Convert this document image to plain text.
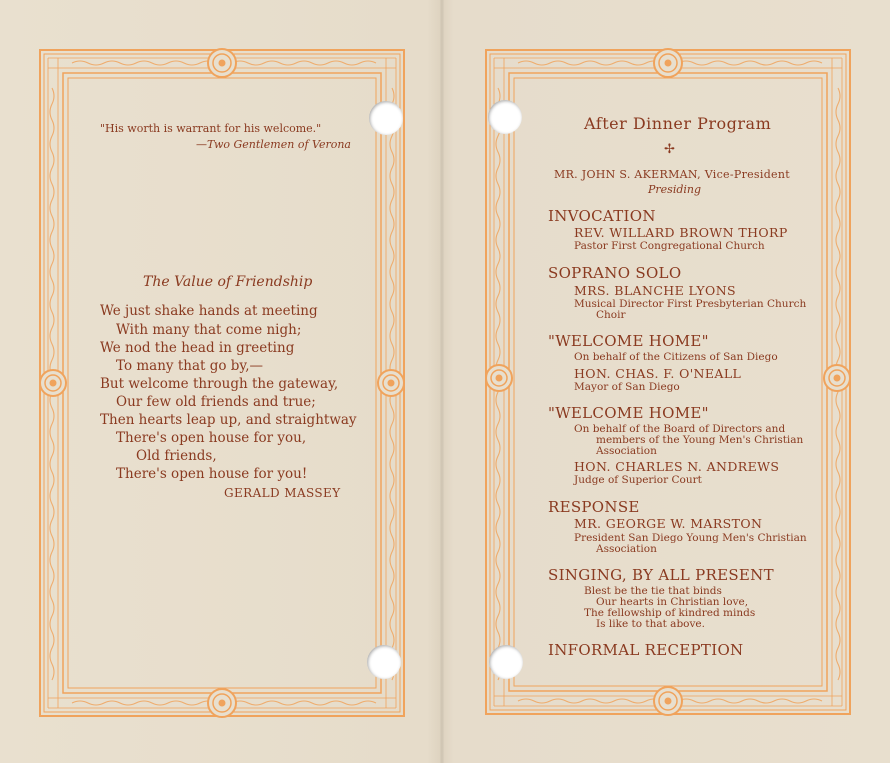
"His worth is warrant for his welcome."
—Two Gentlemen of Verona
The Value of Friendship
We just shake hands at meeting
With many that come nigh;
We nod the head in greeting
To many that go by,—
But welcome through the gateway,
Our few old friends and true;
Then hearts leap up, and straightway
There's open house for you,
Old friends,
There's open house for you!
GERALD MASSEY
After Dinner Program
✢
MR. JOHN S. AKERMAN, Vice-President
Presiding
INVOCATION
REV. WILLARD BROWN THORP
Pastor First Congregational Church
SOPRANO SOLO
MRS. BLANCHE LYONS
Musical Director First Presbyterian Church
Choir
"WELCOME HOME"
On behalf of the Citizens of San Diego
HON. CHAS. F. O'NEALL
Mayor of San Diego
"WELCOME HOME"
On behalf of the Board of Directors and
members of the Young Men's Christian
Association
HON. CHARLES N. ANDREWS
Judge of Superior Court
RESPONSE
MR. GEORGE W. MARSTON
President San Diego Young Men's Christian
Association
SINGING, BY ALL PRESENT
Blest be the tie that binds
Our hearts in Christian love,
The fellowship of kindred minds
Is like to that above.
INFORMAL RECEPTION
